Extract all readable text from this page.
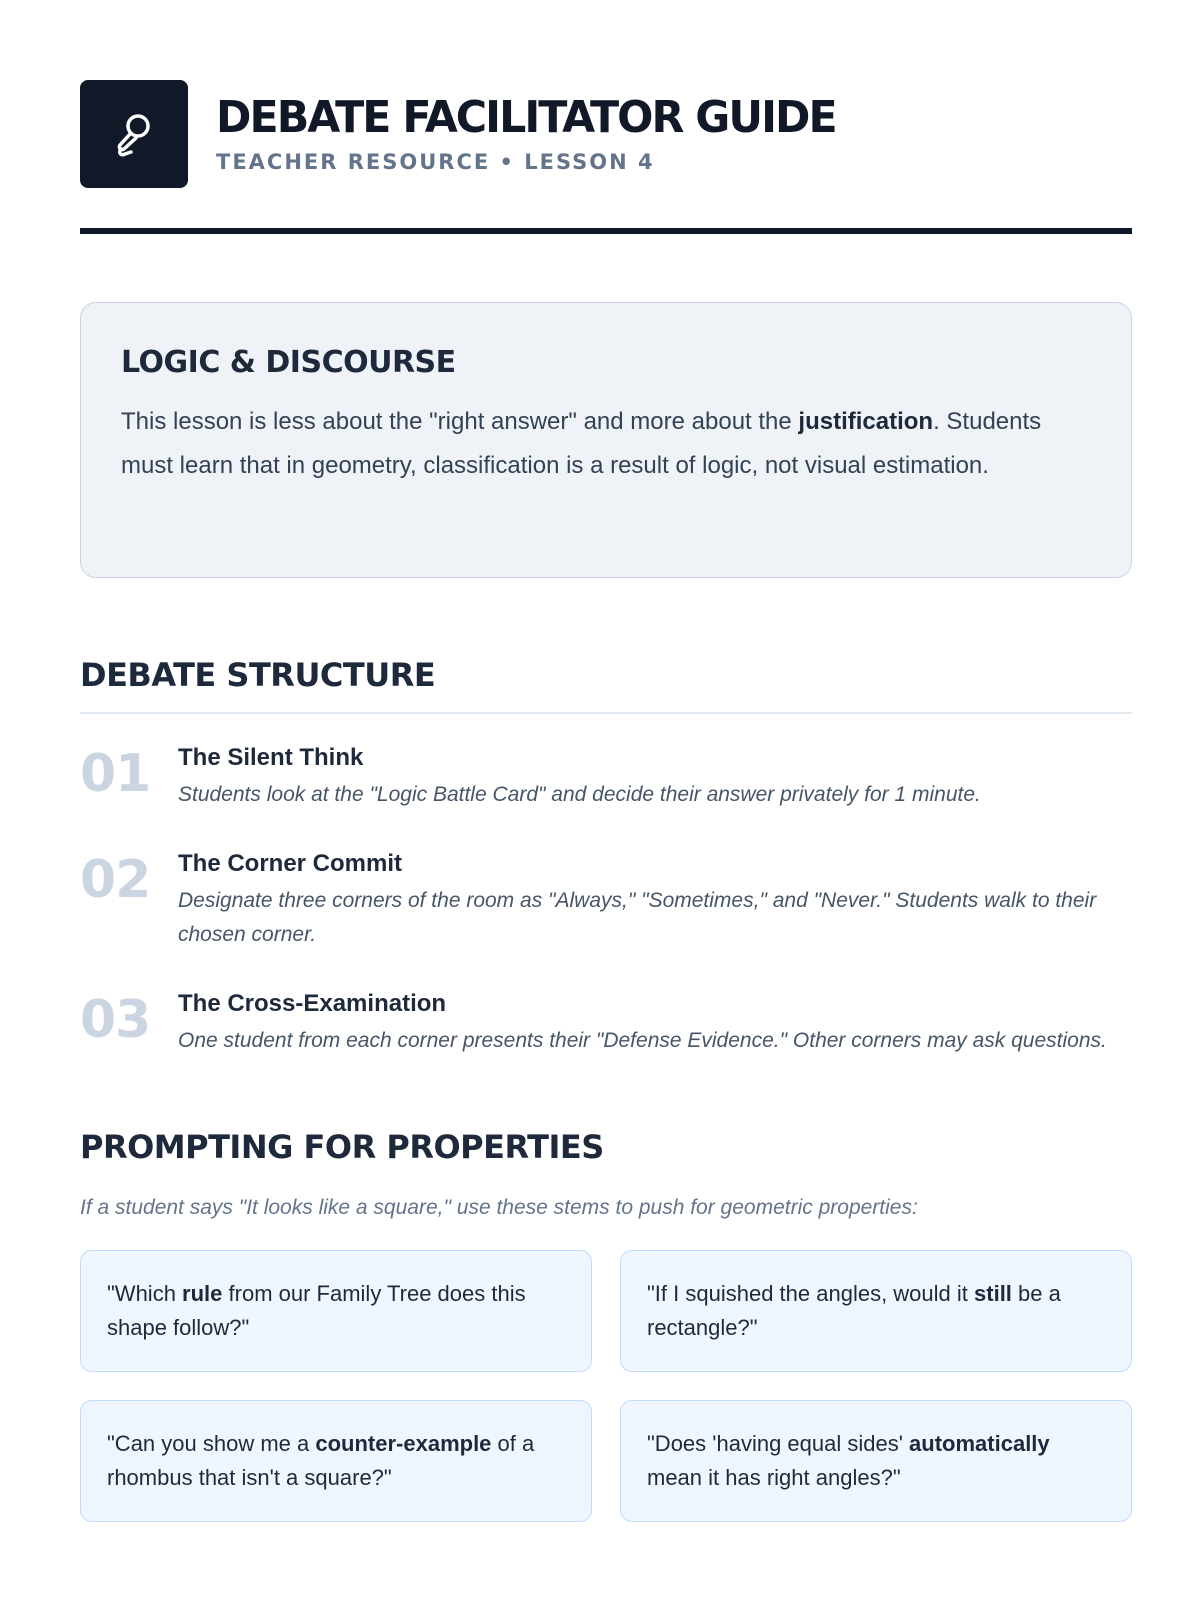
DEBATE FACILITATOR GUIDE
TEACHER RESOURCE • LESSON 4
LOGIC & DISCOURSE

This lesson is less about the "right answer" and more about the justification. Students must learn that in geometry, classification is a result of logic, not visual estimation.

DEBATE STRUCTURE
01	The Silent Think
Students look at the "Logic Battle Card" and decide their answer privately for 1 minute.
02	The Corner Commit
Designate three corners of the room as "Always," "Sometimes," and "Never." Students walk to their chosen corner.
03	The Cross-Examination
One student from each corner presents their "Defense Evidence." Other corners may ask questions.
PROMPTING FOR PROPERTIES
If a student says "It looks like a square," use these stems to push for geometric properties:
"Which rule from our Family Tree does this shape follow?"
"If I squished the angles, would it still be a rectangle?"
"Can you show me a counter-example of a rhombus that isn't a square?"
"Does 'having equal sides' automatically mean it has right angles?"
